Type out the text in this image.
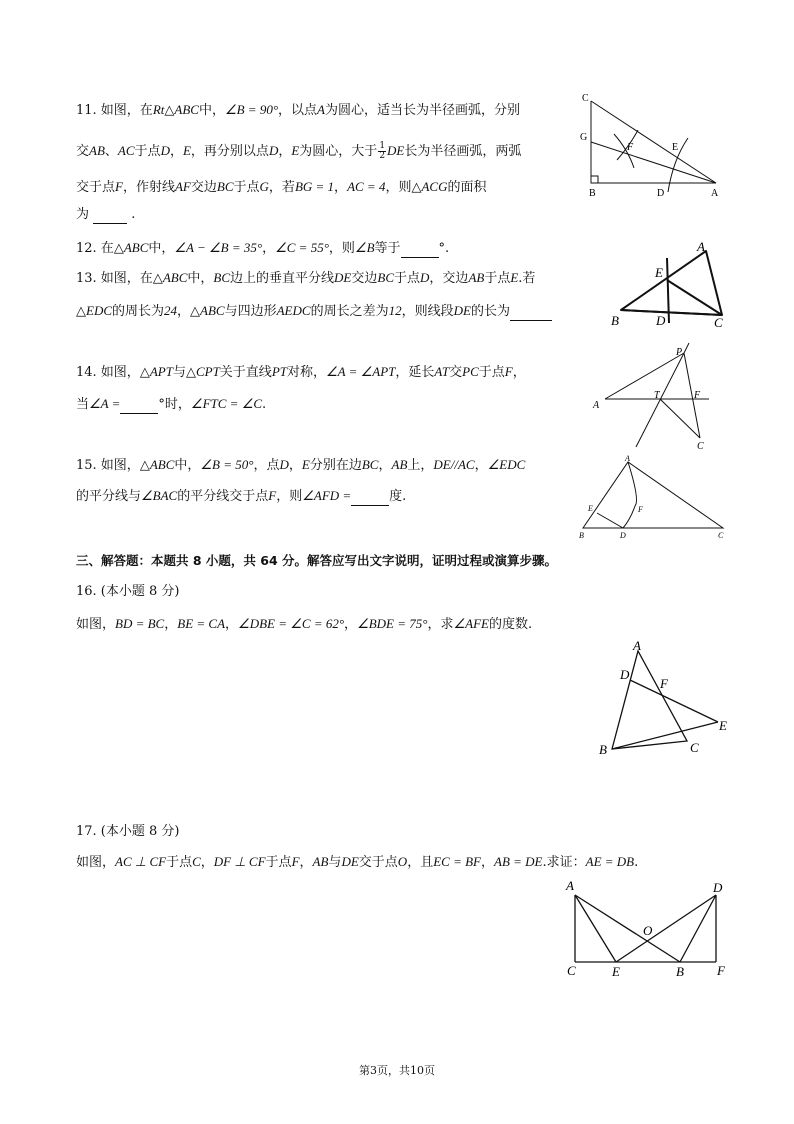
11. 如图，在Rt△ABC中，∠B = 90°，以点A为圆心，适当长为半径画弧，分别
交AB、AC于点D，E，再分别以点D，E为圆心，大于 $\frac{1}{2}$ DE长为半径画弧，两弧
交于点F，作射线AF交边BC于点G，若BG = 1，AC = 4，则△ACG的面积
为	.
C
G
F	E
B	D	A
12. 在△ABC中，∠A − ∠B = 35°，∠C = 55°，则∠B等于	°.
13. 如图，在△ABC中，BC边上的垂直平分线DE交边BC于点D，交边AB于点E.若
△EDC的周长为24，△ABC与四边形AEDC的周长之差为12，则线段DE的长为
A
E
B	D	C
14. 如图，△APT与△CPT关于直线PT对称，∠A = ∠APT，延长AT交PC于点F，
当∠A =	°时，∠FTC = ∠C.
P
A
T	F
C
15. 如图，△ABC中，∠B = 50°，点D，E分别在边BC，AB上，DE//AC，∠EDC
的平分线与∠BAC的平分线交于点F，则∠AFD =	度.
A
E	F
B	D	C
三、解答题：本题共 8 小题，共 64 分。解答应写出文字说明，证明过程或演算步骤。
16. (本小题 8 分)
如图，BD = BC，BE = CA，∠DBE = ∠C = 62°，∠BDE = 75°，求∠AFE的度数.
A
D
F
E
B	C
17. (本小题 8 分)
如图，AC ⊥ CF于点C，DF ⊥ CF于点F，AB与DE交于点O，且EC = BF，AB = DE.求证：AE = DB.
A	D
O
C	E	B	F
第3页，共10页
